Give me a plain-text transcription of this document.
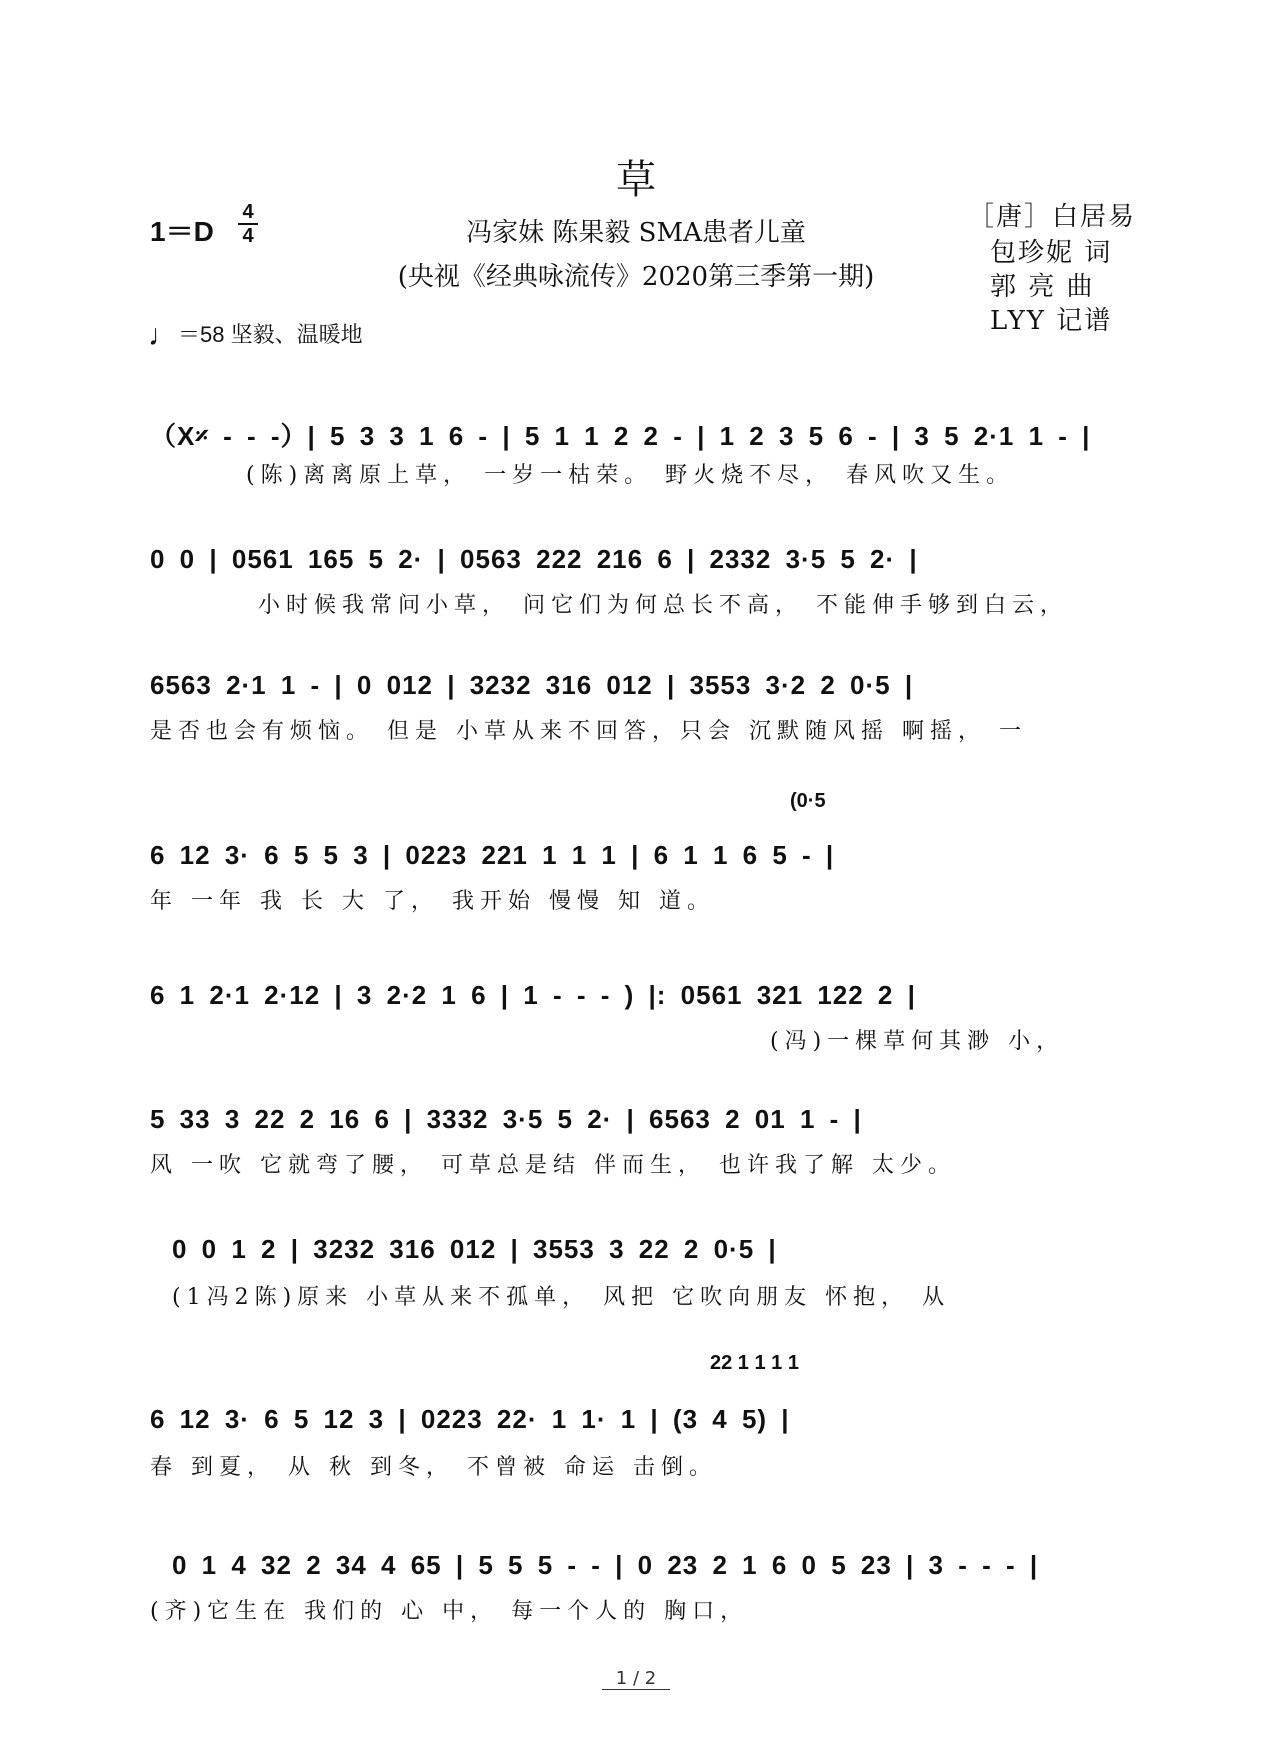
草
1＝D
4
4	冯家妹 陈果毅 SMA患者儿童
(央视《经典咏流传》2020第三季第一期)
［唐］白居易
包珍妮 词
郭 亮 曲
LYY 记谱
♩＝58 坚毅、温暖地
（X𝄎 - - -）| 5 3 3 1 6 - | 5 1 1 2 2 - | 1 2 3 5 6 - | 3 5 2·1 1 - |
(陈)离离原上草， 一岁一枯荣。 野火烧不尽， 春风吹又生。
0 0 | 0561 165 5 2· | 0563 222 216 6 | 2332 3·5 5 2· |
小时候我常问小草， 问它们为何总长不高， 不能伸手够到白云，
6563 2·1 1 - | 0 012 | 3232 316 012 | 3553 3·2 2 0·5 |
是否也会有烦恼。 但是 小草从来不回答，只会 沉默随风摇 啊摇， 一
(0·5
6 12 3· 6 5 5 3 | 0223 221 1 1 1 | 6 1 1 6 5 - |
年 一年 我 长 大 了， 我开始 慢慢 知 道。
6 1 2·1 2·12 | 3 2·2 1 6 | 1 - - - ) |: 0561 321 122 2 |
(冯)一棵草何其渺 小，
5 33 3 22 2 16 6 | 3332 3·5 5 2· | 6563 2 01 1 - |
风 一吹 它就弯了腰， 可草总是结 伴而生， 也许我了解 太少。
0 0 1 2 | 3232 316 012 | 3553 3 22 2 0·5 |
(1冯2陈)原来 小草从来不孤单， 风把 它吹向朋友 怀抱， 从
22 1 1 1 1
6 12 3· 6 5 12 3 | 0223 22· 1 1· 1 | (3 4 5) |
春 到夏， 从 秋 到冬， 不曾被 命运 击倒。
0 1 4 32 2 34 4 65 | 5 5 5 - - | 0 23 2 1 6 0 5 23 | 3 - - - |
(齐)它生在 我们的 心 中， 每一个人的 胸口，
1 / 2
